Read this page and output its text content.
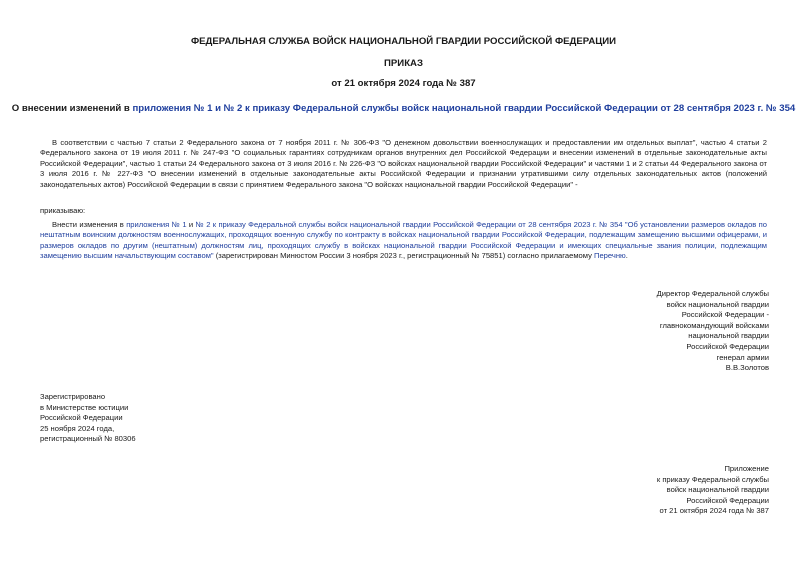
ФЕДЕРАЛЬНАЯ СЛУЖБА ВОЙСК НАЦИОНАЛЬНОЙ ГВАРДИИ РОССИЙСКОЙ ФЕДЕРАЦИИ
ПРИКАЗ
от 21 октября 2024 года № 387
О внесении изменений в приложения № 1 и № 2 к приказу Федеральной службы войск национальной гвардии Российской Федерации от 28 сентября 2023 г. № 354
В соответствии с частью 7 статьи 2 Федерального закона от 7 ноября 2011 г. № 306-ФЗ "О денежном довольствии военнослужащих и предоставлении им отдельных выплат", частью 4 статьи 2 Федерального закона от 19 июля 2011 г. № 247-ФЗ "О социальных гарантиях сотрудникам органов внутренних дел Российской Федерации и внесении изменений в отдельные законодательные акты Российской Федерации", частью 1 статьи 24 Федерального закона от 3 июля 2016 г. № 226-ФЗ "О войсках национальной гвардии Российской Федерации" и частями 1 и 2 статьи 44 Федерального закона от 3 июля 2016 г. № 227-ФЗ "О внесении изменений в отдельные законодательные акты Российской Федерации и признании утратившими силу отдельных законодательных актов (положений законодательных актов) Российской Федерации в связи с принятием Федерального закона "О войсках национальной гвардии Российской Федерации" -
приказываю:
Внести изменения в приложения № 1 и № 2 к приказу Федеральной службы войск национальной гвардии Российской Федерации от 28 сентября 2023 г. № 354 "Об установлении размеров окладов по нештатным воинским должностям военнослужащих, проходящих военную службу по контракту в войсках национальной гвардии Российской Федерации, подлежащим замещению высшими офицерами, и размеров окладов по другим (нештатным) должностям лиц, проходящих службу в войсках национальной гвардии Российской Федерации и имеющих специальные звания полиции, подлежащим замещению высшим начальствующим составом" (зарегистрирован Минюстом России 3 ноября 2023 г., регистрационный № 75851) согласно прилагаемому Перечню.
Директор Федеральной службы
войск национальной гвардии
Российской Федерации -
главнокомандующий войсками
национальной гвардии
Российской Федерации
генерал армии
В.В.Золотов
Зарегистрировано
в Министерстве юстиции
Российской Федерации
25 ноября 2024 года,
регистрационный № 80306
Приложение
к приказу Федеральной службы
войск национальной гвардии
Российской Федерации
от 21 октября 2024 года № 387
